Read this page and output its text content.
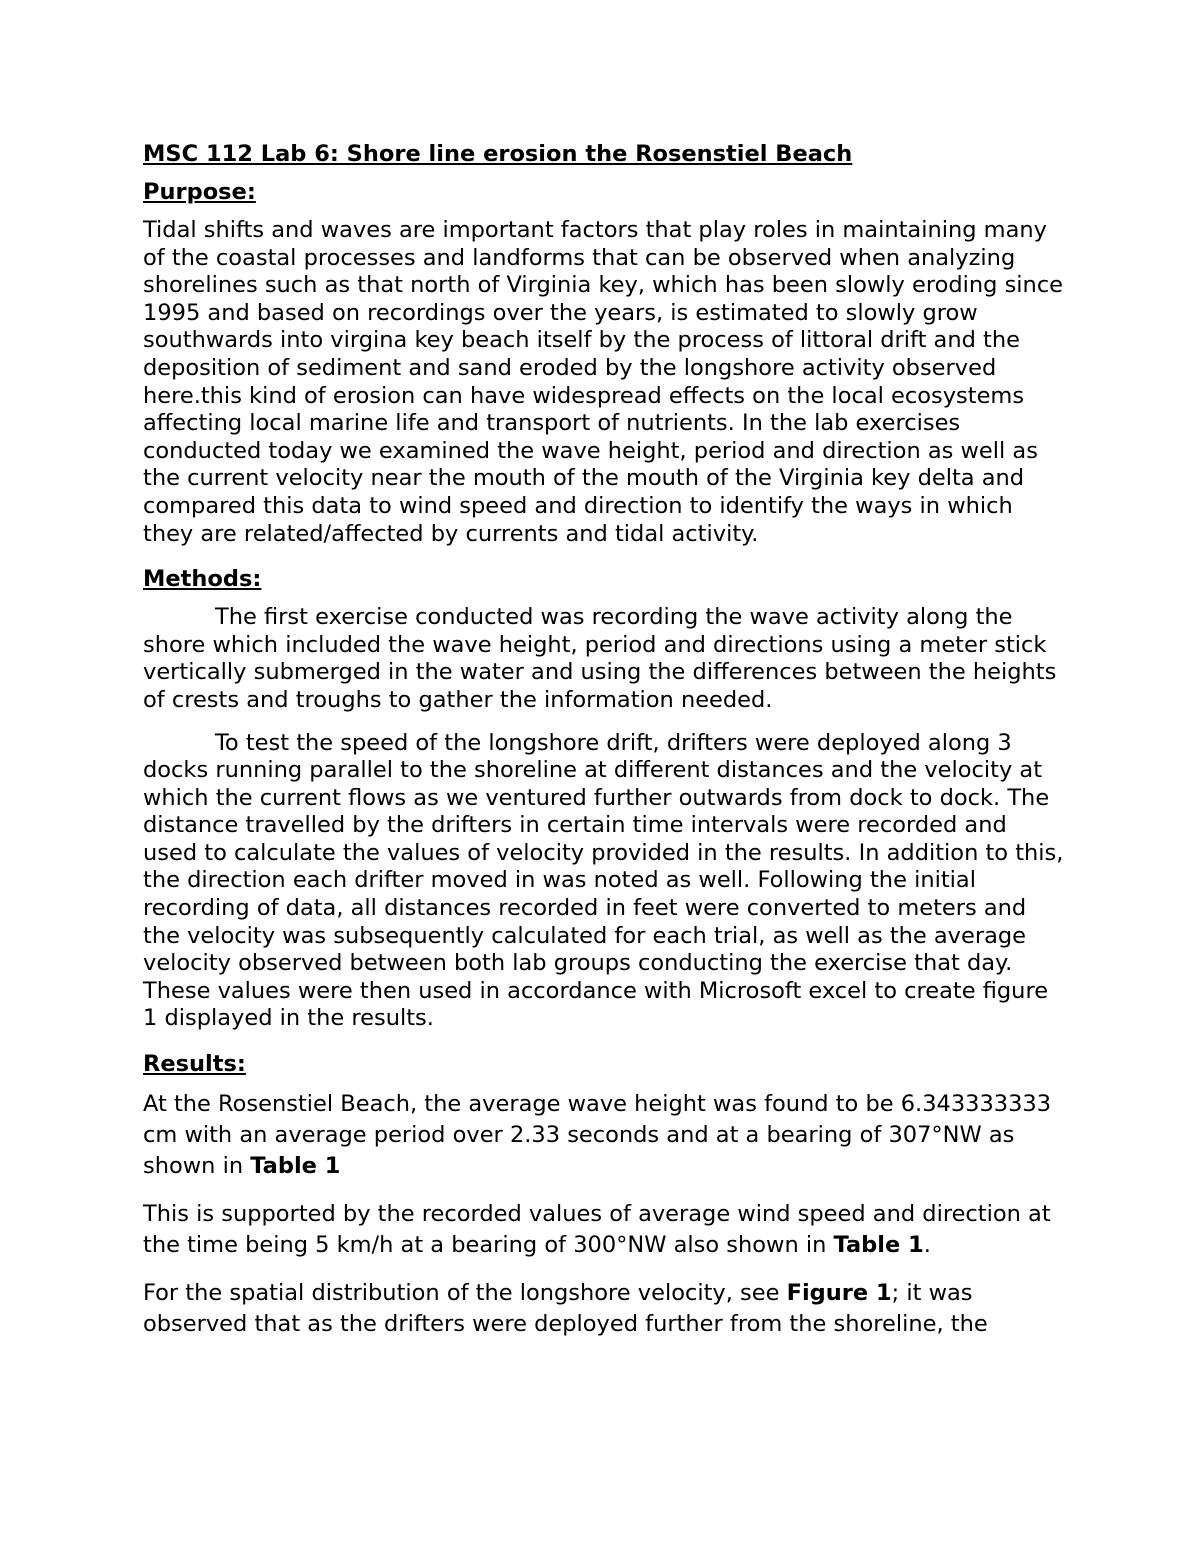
MSC 112 Lab 6: Shore line erosion the Rosenstiel Beach
Purpose:

Tidal shifts and waves are important factors that play roles in maintaining many of the coastal processes and landforms that can be observed when analyzing shorelines such as that north of Virginia key, which has been slowly eroding since 1995 and based on recordings over the years, is estimated to slowly grow southwards into virgina key beach itself by the process of littoral drift and the deposition of sediment and sand eroded by the longshore activity observed here.this kind of erosion can have widespread effects on the local ecosystems affecting local marine life and transport of nutrients. In the lab exercises conducted today we examined the wave height, period and direction as well as the current velocity near the mouth of the mouth of the Virginia key delta and compared this data to wind speed and direction to identify the ways in which they are related/affected by currents and tidal activity.

Methods:

The first exercise conducted was recording the wave activity along the shore which included the wave height, period and directions using a meter stick vertically submerged in the water and using the differences between the heights of crests and troughs to gather the information needed.

To test the speed of the longshore drift, drifters were deployed along 3 docks running parallel to the shoreline at different distances and the velocity at which the current flows as we ventured further outwards from dock to dock. The distance travelled by the drifters in certain time intervals were recorded and used to calculate the values of velocity provided in the results. In addition to this, the direction each drifter moved in was noted as well. Following the initial recording of data, all distances recorded in feet were converted to meters and the velocity was subsequently calculated for each trial, as well as the average velocity observed between both lab groups conducting the exercise that day. These values were then used in accordance with Microsoft excel to create figure 1 displayed in the results.

Results:

At the Rosenstiel Beach, the average wave height was found to be 6.343333333 cm with an average period over 2.33 seconds and at a bearing of 307°NW as shown in Table 1

This is supported by the recorded values of average wind speed and direction at the time being 5 km/h at a bearing of 300°NW also shown in Table 1.

For the spatial distribution of the longshore velocity, see Figure 1; it was observed that as the drifters were deployed further from the shoreline, the
